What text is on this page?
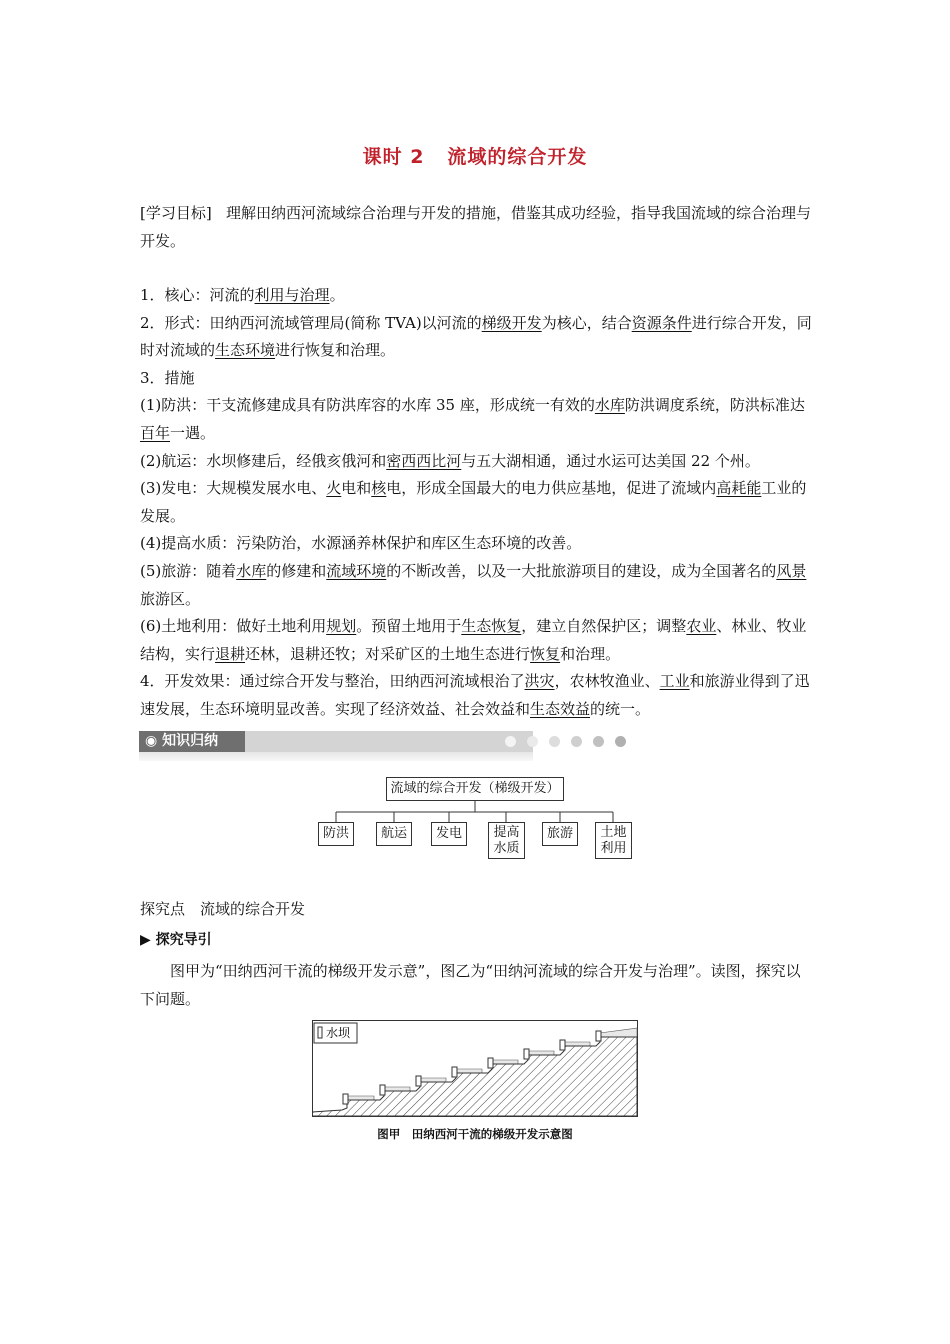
课时 2 流域的综合开发

[学习目标] 理解田纳西河流域综合治理与开发的措施，借鉴其成功经验，指导我国流域的综合治理与开发。

1．核心：河流的利用与治理。

2．形式：田纳西河流域管理局(简称 TVA)以河流的梯级开发为核心，结合资源条件进行综合开发，同时对流域的生态环境进行恢复和治理。

3．措施

(1)防洪：干支流修建成具有防洪库容的水库 35 座，形成统一有效的水库防洪调度系统，防洪标准达百年一遇。

(2)航运：水坝修建后，经俄亥俄河和密西西比河与五大湖相通，通过水运可达美国 22 个州。

(3)发电：大规模发展水电、火电和核电，形成全国最大的电力供应基地，促进了流域内高耗能工业的发展。

(4)提高水质：污染防治，水源涵养林保护和库区生态环境的改善。

(5)旅游：随着水库的修建和流域环境的不断改善，以及一大批旅游项目的建设，成为全国著名的风景旅游区。

(6)土地利用：做好土地利用规划。预留土地用于生态恢复，建立自然保护区；调整农业、林业、牧业结构，实行退耕还林，退耕还牧；对采矿区的土地生态进行恢复和治理。

4．开发效果：通过综合开发与整治，田纳西河流域根治了洪灾，农林牧渔业、工业和旅游业得到了迅速发展，生态环境明显改善。实现了经济效益、社会效益和生态效益的统一。

◉ 知识归纳
流域的综合开发（梯级开发）
防洪	航运	发电	提高
水质
旅游	土地
利用
探究点　流域的综合开发
▶ 探究导引
图甲为“田纳西河干流的梯级开发示意”，图乙为“田纳河流域的综合开发与治理”。读图，探究以下问题。
水坝
图甲　田纳西河干流的梯级开发示意图
